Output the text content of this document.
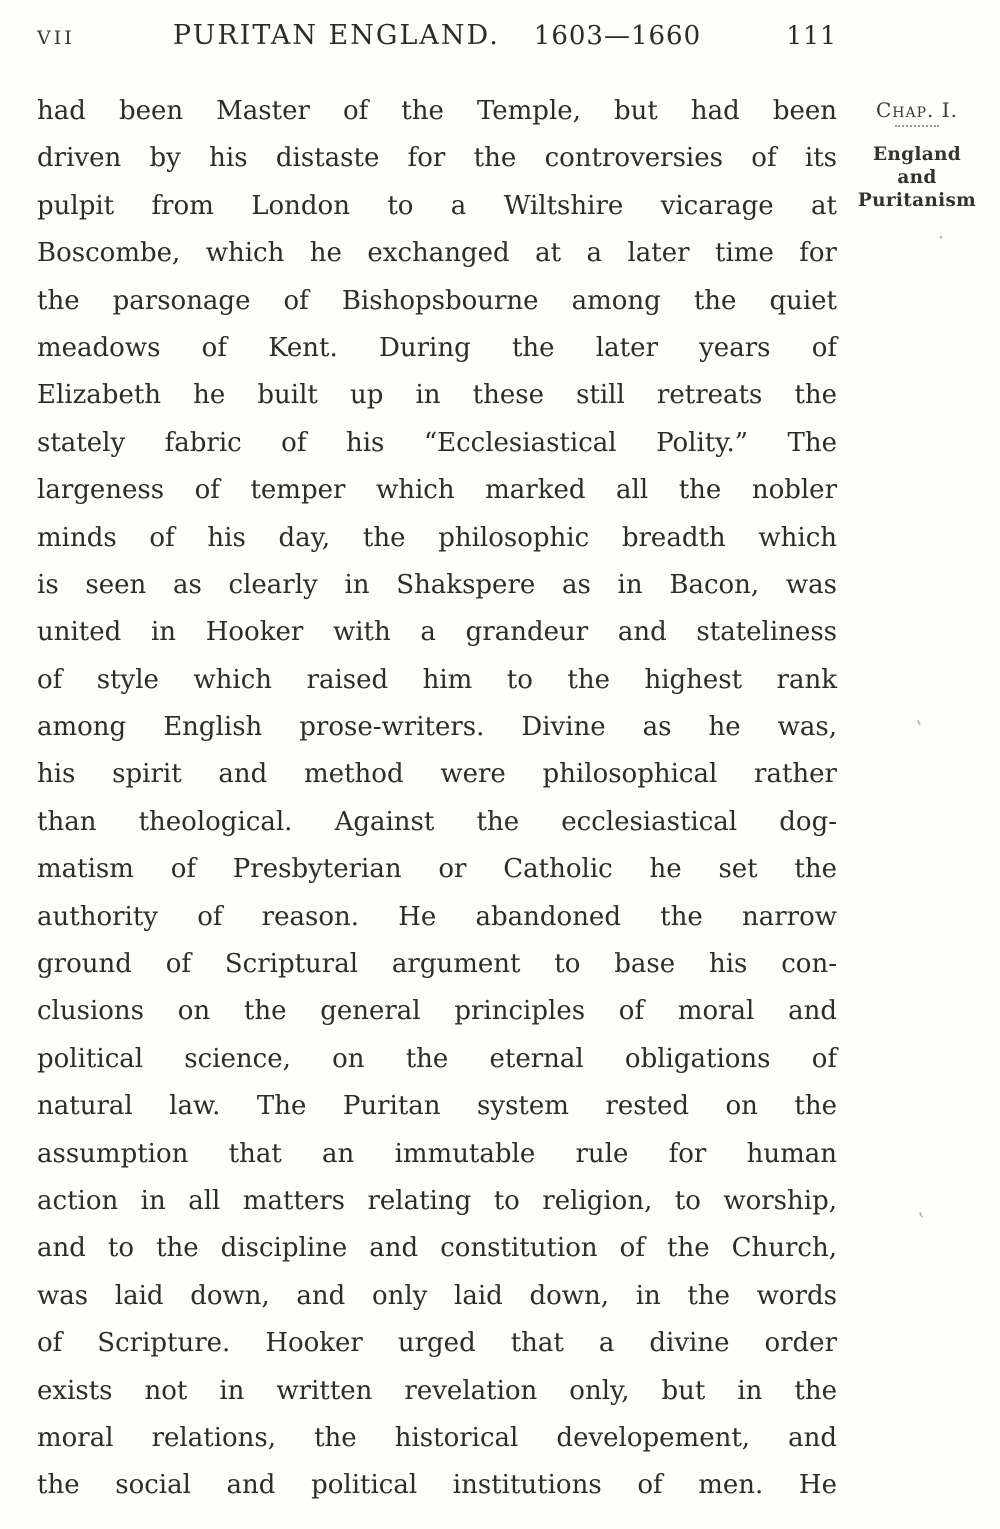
VII	PURITAN ENGLAND. 1603—1660	111
had been Master of the Temple, but had been
driven by his distaste for the controversies of its
pulpit from London to a Wiltshire vicarage at
Boscombe, which he exchanged at a later time for
the parsonage of Bishopsbourne among the quiet
meadows of Kent. During the later years of
Elizabeth he built up in these still retreats the
stately fabric of his “Ecclesiastical Polity.” The
largeness of temper which marked all the nobler
minds of his day, the philosophic breadth which
is seen as clearly in Shakspere as in Bacon, was
united in Hooker with a grandeur and stateliness
of style which raised him to the highest rank
among English prose-writers. Divine as he was,
his spirit and method were philosophical rather
than theological. Against the ecclesiastical dog-
matism of Presbyterian or Catholic he set the
authority of reason. He abandoned the narrow
ground of Scriptural argument to base his con-
clusions on the general principles of moral and
political science, on the eternal obligations of
natural law. The Puritan system rested on the
assumption that an immutable rule for human
action in all matters relating to religion, to worship,
and to the discipline and constitution of the Church,
was laid down, and only laid down, in the words
of Scripture. Hooker urged that a divine order
exists not in written revelation only, but in the
moral relations, the historical developement, and
the social and political institutions of men. He
Chap. I.
England
and
Puritanism
·
‛
‛
